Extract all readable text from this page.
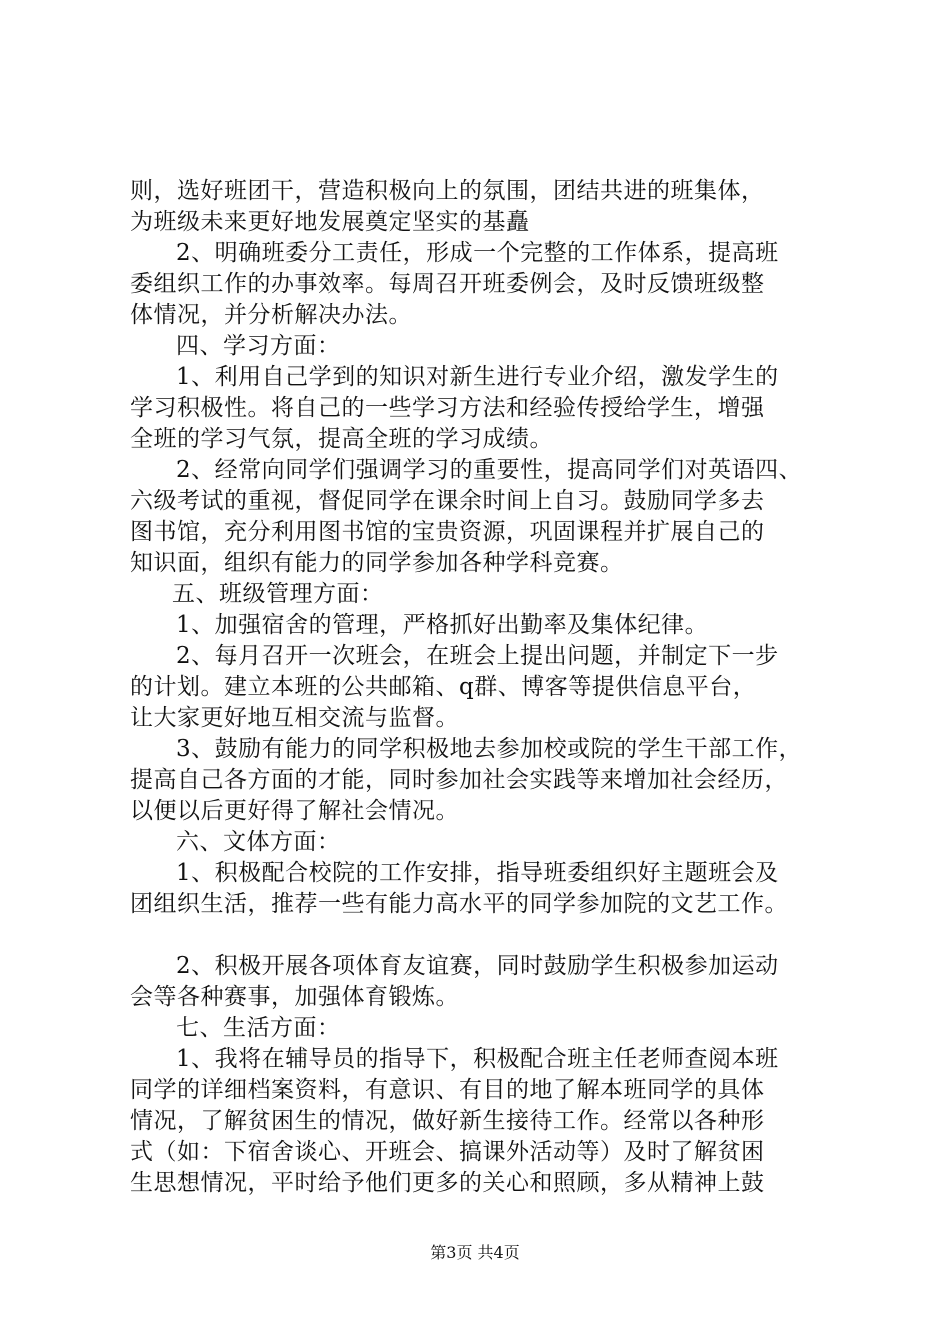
则，选好班团干，营造积极向上的氛围，团结共进的班集体，
为班级未来更好地发展奠定坚实的基矗
2、明确班委分工责任，形成一个完整的工作体系，提高班
委组织工作的办事效率。每周召开班委例会，及时反馈班级整
体情况，并分析解决办法。
四、学习方面：
1、利用自己学到的知识对新生进行专业介绍，激发学生的
学习积极性。将自己的一些学习方法和经验传授给学生，增强
全班的学习气氛，提高全班的学习成绩。
2、经常向同学们强调学习的重要性，提高同学们对英语四、
六级考试的重视，督促同学在课余时间上自习。鼓励同学多去
图书馆，充分利用图书馆的宝贵资源，巩固课程并扩展自己的
知识面，组织有能力的同学参加各种学科竞赛。
五、班级管理方面：
1、加强宿舍的管理，严格抓好出勤率及集体纪律。
2、每月召开一次班会，在班会上提出问题，并制定下一步
的计划。建立本班的公共邮箱、q群、博客等提供信息平台，
让大家更好地互相交流与监督。
3、鼓励有能力的同学积极地去参加校或院的学生干部工作，
提高自己各方面的才能，同时参加社会实践等来增加社会经历，
以便以后更好得了解社会情况。
六、文体方面：
1、积极配合校院的工作安排，指导班委组织好主题班会及
团组织生活，推荐一些有能力高水平的同学参加院的文艺工作。
2、积极开展各项体育友谊赛，同时鼓励学生积极参加运动
会等各种赛事，加强体育锻炼。
七、生活方面：
1、我将在辅导员的指导下，积极配合班主任老师查阅本班
同学的详细档案资料，有意识、有目的地了解本班同学的具体
情况，了解贫困生的情况，做好新生接待工作。经常以各种形
式（如：下宿舍谈心、开班会、搞课外活动等）及时了解贫困
生思想情况，平时给予他们更多的关心和照顾，多从精神上鼓
第3页 共4页
